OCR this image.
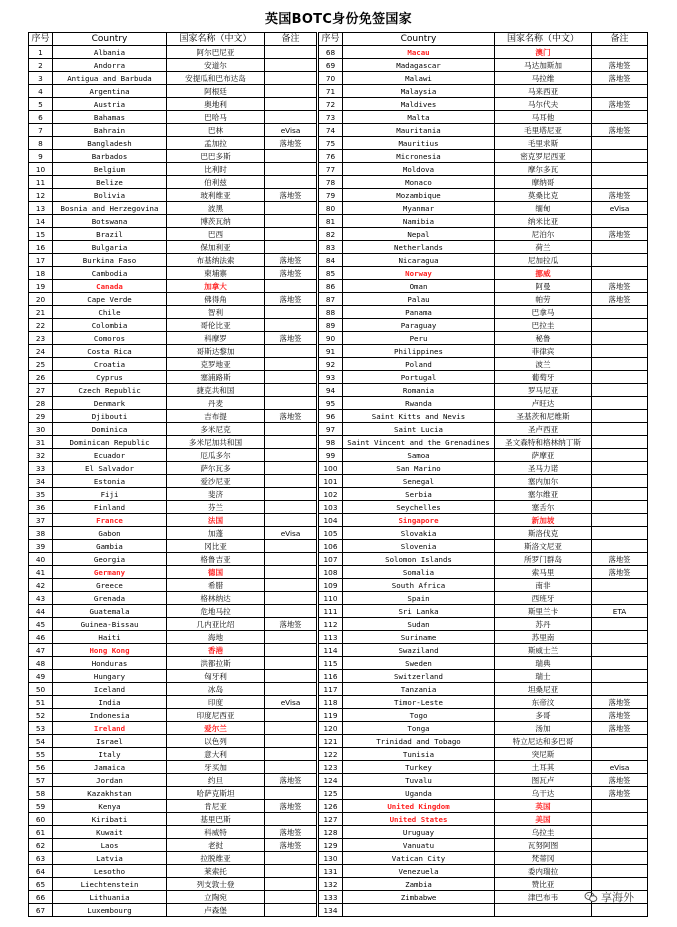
英国BOTC身份免签国家
序号	Country	国家名称（中文）	备注
1	Albania	阿尔巴尼亚	
2	Andorra	安道尔	
3	Antigua and Barbuda	安提瓜和巴布达岛	
4	Argentina	阿根廷	
5	Austria	奥地利	
6	Bahamas	巴哈马	
7	Bahrain	巴林	eVisa
8	Bangladesh	孟加拉	落地签
9	Barbados	巴巴多斯	
10	Belgium	比利时	
11	Belize	伯利兹	
12	Bolivia	玻利维亚	落地签
13	Bosnia and Herzegovina	波黑	
14	Botswana	博茨瓦纳	
15	Brazil	巴西	
16	Bulgaria	保加利亚	
17	Burkina Faso	布基纳法索	落地签
18	Cambodia	柬埔寨	落地签
19	Canada	加拿大	
20	Cape Verde	佛得角	落地签
21	Chile	智利	
22	Colombia	哥伦比亚	
23	Comoros	科摩罗	落地签
24	Costa Rica	哥斯达黎加	
25	Croatia	克罗地亚	
26	Cyprus	塞浦路斯	
27	Czech Republic	捷克共和国	
28	Denmark	丹麦	
29	Djibouti	吉布提	落地签
30	Dominica	多米尼克	
31	Dominican Republic	多米尼加共和国	
32	Ecuador	厄瓜多尔	
33	El Salvador	萨尔瓦多	
34	Estonia	爱沙尼亚	
35	Fiji	斐济	
36	Finland	芬兰	
37	France	法国	
38	Gabon	加蓬	eVisa
39	Gambia	冈比亚	
40	Georgia	格鲁吉亚	
41	Germany	德国	
42	Greece	希腊	
43	Grenada	格林纳达	
44	Guatemala	危地马拉	
45	Guinea-Bissau	几内亚比绍	落地签
46	Haiti	海地	
47	Hong Kong	香港	
48	Honduras	洪都拉斯	
49	Hungary	匈牙利	
50	Iceland	冰岛	
51	India	印度	eVisa
52	Indonesia	印度尼西亚	
53	Ireland	爱尔兰	
54	Israel	以色列	
55	Italy	意大利	
56	Jamaica	牙买加	
57	Jordan	约旦	落地签
58	Kazakhstan	哈萨克斯坦	
59	Kenya	肯尼亚	落地签
60	Kiribati	基里巴斯	
61	Kuwait	科威特	落地签
62	Laos	老挝	落地签
63	Latvia	拉脱维亚	
64	Lesotho	莱索托	
65	Liechtenstein	列支敦士登	
66	Lithuania	立陶宛	
67	Luxembourg	卢森堡	
序号	Country	国家名称（中文）	备注
68	Macau	澳门	
69	Madagascar	马达加斯加	落地签
70	Malawi	马拉维	落地签
71	Malaysia	马来西亚	
72	Maldives	马尔代夫	落地签
73	Malta	马耳他	
74	Mauritania	毛里塔尼亚	落地签
75	Mauritius	毛里求斯	
76	Micronesia	密克罗尼西亚	
77	Moldova	摩尔多瓦	
78	Monaco	摩纳哥	
79	Mozambique	莫桑比克	落地签
80	Myanmar	缅甸	eVisa
81	Namibia	纳米比亚	
82	Nepal	尼泊尔	落地签
83	Netherlands	荷兰	
84	Nicaragua	尼加拉瓜	
85	Norway	挪威	
86	Oman	阿曼	落地签
87	Palau	帕劳	落地签
88	Panama	巴拿马	
89	Paraguay	巴拉圭	
90	Peru	秘鲁	
91	Philippines	菲律宾	
92	Poland	波兰	
93	Portugal	葡萄牙	
94	Romania	罗马尼亚	
95	Rwanda	卢旺达	
96	Saint Kitts and Nevis	圣基茨和尼维斯	
97	Saint Lucia	圣卢西亚	
98	Saint Vincent and the Grenadines	圣文森特和格林纳丁斯	
99	Samoa	萨摩亚	
100	San Marino	圣马力诺	
101	Senegal	塞内加尔	
102	Serbia	塞尔维亚	
103	Seychelles	塞舌尔	
104	Singapore	新加坡	
105	Slovakia	斯洛伐克	
106	Slovenia	斯洛文尼亚	
107	Solomon Islands	所罗门群岛	落地签
108	Somalia	索马里	落地签
109	South Africa	南非	
110	Spain	西班牙	
111	Sri Lanka	斯里兰卡	ETA
112	Sudan	苏丹	
113	Suriname	苏里南	
114	Swaziland	斯威士兰	
115	Sweden	瑞典	
116	Switzerland	瑞士	
117	Tanzania	坦桑尼亚	
118	Timor-Leste	东帝汶	落地签
119	Togo	多哥	落地签
120	Tonga	汤加	落地签
121	Trinidad and Tobago	特立尼达和多巴哥	
122	Tunisia	突尼斯	
123	Turkey	土耳其	eVisa
124	Tuvalu	图瓦卢	落地签
125	Uganda	乌干达	落地签
126	United Kingdom	英国	
127	United States	美国	
128	Uruguay	乌拉圭	
129	Vanuatu	瓦努阿图	
130	Vatican City	梵蒂冈	
131	Venezuela	委内瑞拉	
132	Zambia	赞比亚	
133	Zimbabwe	津巴布韦	
134			
享海外
